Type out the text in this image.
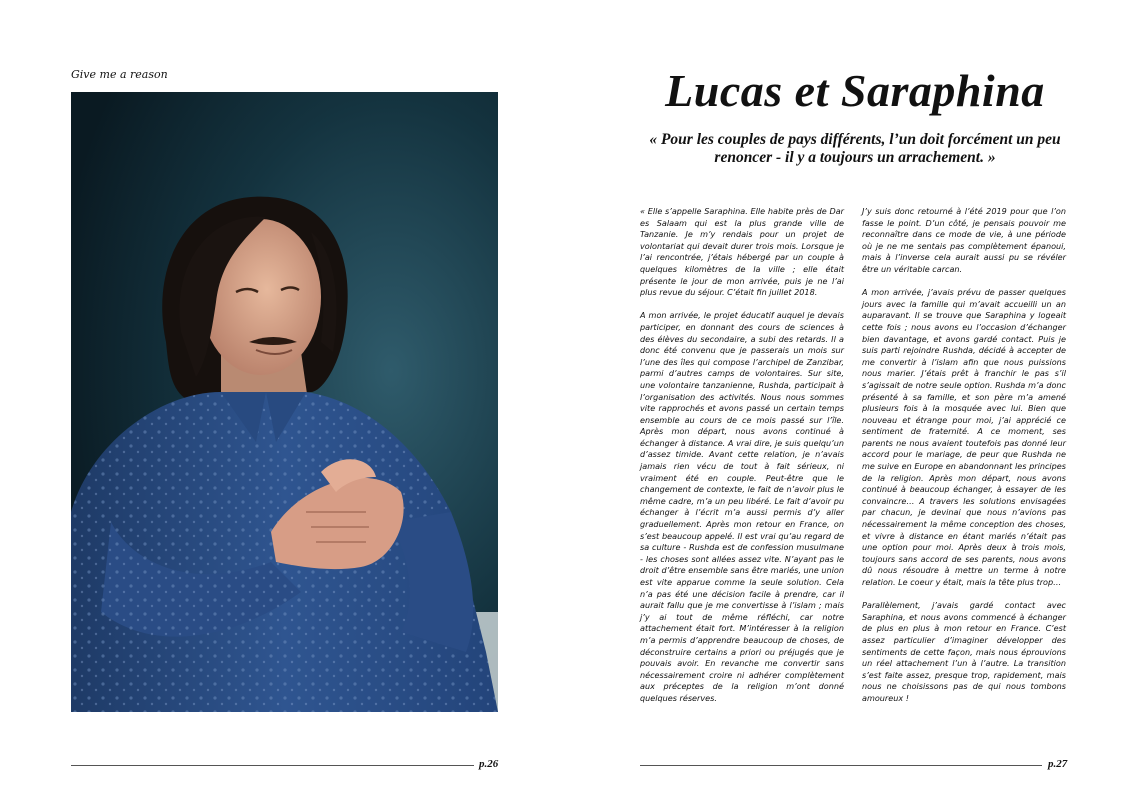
Give me a reason	Lucas et Saraphina
« Pour les couples de pays différents, l’un doit forcément un peu renoncer - il y a toujours un arrachement. »

« Elle s’appelle Saraphina. Elle habite près de Dar es Salaam qui est la plus grande ville de Tanzanie. Je m’y rendais pour un projet de volontariat qui devait durer trois mois. Lorsque je l’ai rencontrée, j’étais hébergé par un couple à quelques kilomètres de la ville ; elle était présente le jour de mon arrivée, puis je ne l’ai plus revue du séjour. C’était fin juillet 2018.

A mon arrivée, le projet éducatif auquel je devais participer, en donnant des cours de sciences à des élèves du secondaire, a subi des retards. Il a donc été convenu que je passerais un mois sur l’une des îles qui compose l’archipel de Zanzibar, parmi d’autres camps de volontaires. Sur site, une volontaire tanzanienne, Rushda, participait à l’organisation des activités. Nous nous sommes vite rapprochés et avons passé un certain temps ensemble au cours de ce mois passé sur l’île. Après mon départ, nous avons continué à échanger à distance. A vrai dire, je suis quelqu’un d’assez timide. Avant cette relation, je n’avais jamais rien vécu de tout à fait sérieux, ni vraiment été en couple. Peut-être que le changement de contexte, le fait de n’avoir plus le même cadre, m’a un peu libéré. Le fait d’avoir pu échanger à l’écrit m’a aussi permis d’y aller graduellement. Après mon retour en France, on s’est beaucoup appelé. Il est vrai qu’au regard de sa culture - Rushda est de confession musulmane - les choses sont allées assez vite. N’ayant pas le droit d’être ensemble sans être mariés, une union est vite apparue comme la seule solution. Cela n’a pas été une décision facile à prendre, car il aurait fallu que je me convertisse à l’islam ; mais j’y ai tout de même réfléchi, car notre attachement était fort. M’intéresser à la religion m’a permis d’apprendre beaucoup de choses, de déconstruire certains a priori ou préjugés que je pouvais avoir. En revanche me convertir sans nécessairement croire ni adhérer complètement aux préceptes de la religion m’ont donné quelques réserves.

J’y suis donc retourné à l’été 2019 pour que l’on fasse le point. D’un côté, je pensais pouvoir me reconnaître dans ce mode de vie, à une période où je ne me sentais pas complètement épanoui, mais à l’inverse cela aurait aussi pu se révéler être un véritable carcan.

A mon arrivée, j’avais prévu de passer quelques jours avec la famille qui m’avait accueilli un an auparavant. Il se trouve que Saraphina y logeait cette fois ; nous avons eu l’occasion d’échanger bien davantage, et avons gardé contact. Puis je suis parti rejoindre Rushda, décidé à accepter de me convertir à l’islam afin que nous puissions nous marier. J’étais prêt à franchir le pas s’il s’agissait de notre seule option. Rushda m’a donc présenté à sa famille, et son père m’a amené plusieurs fois à la mosquée avec lui. Bien que nouveau et étrange pour moi, j’ai apprécié ce sentiment de fraternité. A ce moment, ses parents ne nous avaient toutefois pas donné leur accord pour le mariage, de peur que Rushda ne me suive en Europe en abandonnant les principes de la religion. Après mon départ, nous avons continué à beaucoup échanger, à essayer de les convaincre… A travers les solutions envisagées par chacun, je devinai que nous n’avions pas nécessairement la même conception des choses, et vivre à distance en étant mariés n’était pas une option pour moi. Après deux à trois mois, toujours sans accord de ses parents, nous avons dû nous résoudre à mettre un terme à notre relation. Le coeur y était, mais la tête plus trop…

Parallèlement, j’avais gardé contact avec Saraphina, et nous avons commencé à échanger de plus en plus à mon retour en France. C’est assez particulier d’imaginer développer des sentiments de cette façon, mais nous éprouvions un réel attachement l’un à l’autre. La transition s’est faite assez, presque trop, rapidement, mais nous ne choisissons pas de qui nous tombons amoureux !

p.26	p.27
